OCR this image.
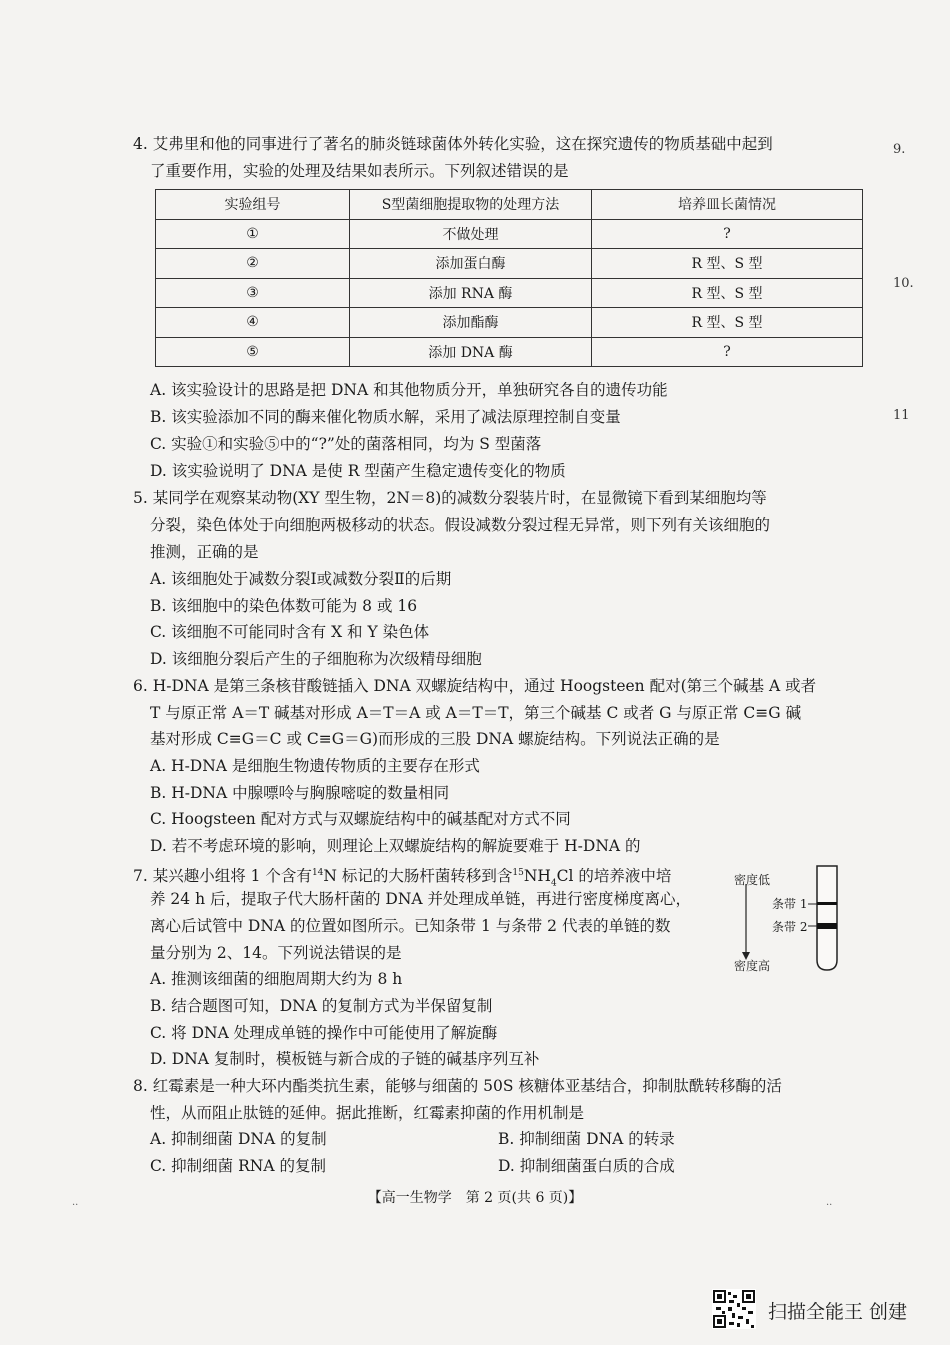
4. 艾弗里和他的同事进行了著名的肺炎链球菌体外转化实验，这在探究遗传的物质基础中起到
了重要作用，实验的处理及结果如表所示。下列叙述错误的是
实验组号	S型菌细胞提取物的处理方法	培养皿长菌情况
①	不做处理	?
②	添加蛋白酶	R 型、S 型
③	添加 RNA 酶	R 型、S 型
④	添加酯酶	R 型、S 型
⑤	添加 DNA 酶	?
A. 该实验设计的思路是把 DNA 和其他物质分开，单独研究各自的遗传功能
B. 该实验添加不同的酶来催化物质水解，采用了减法原理控制自变量
C. 实验①和实验⑤中的“?”处的菌落相同，均为 S 型菌落
D. 该实验说明了 DNA 是使 R 型菌产生稳定遗传变化的物质
5. 某同学在观察某动物(XY 型生物，2N＝8)的减数分裂装片时，在显微镜下看到某细胞均等
分裂，染色体处于向细胞两极移动的状态。假设减数分裂过程无异常，则下列有关该细胞的
推测，正确的是
A. 该细胞处于减数分裂Ⅰ或减数分裂Ⅱ的后期
B. 该细胞中的染色体数可能为 8 或 16
C. 该细胞不可能同时含有 X 和 Y 染色体
D. 该细胞分裂后产生的子细胞称为次级精母细胞
6. H-DNA 是第三条核苷酸链插入 DNA 双螺旋结构中，通过 Hoogsteen 配对(第三个碱基 A 或者
T 与原正常 A＝T 碱基对形成 A＝T＝A 或 A＝T＝T，第三个碱基 C 或者 G 与原正常 C≡G 碱
基对形成 C≡G＝C 或 C≡G＝G)而形成的三股 DNA 螺旋结构。下列说法正确的是
A. H-DNA 是细胞生物遗传物质的主要存在形式
B. H-DNA 中腺嘌呤与胸腺嘧啶的数量相同
C. Hoogsteen 配对方式与双螺旋结构中的碱基配对方式不同
D. 若不考虑环境的影响，则理论上双螺旋结构的解旋要难于 H-DNA 的
7. 某兴趣小组将 1 个含有$^{14}$N 标记的大肠杆菌转移到含$^{15}NH_4Cl$ 的培养液中培
养 24 h 后，提取子代大肠杆菌的 DNA 并处理成单链，再进行密度梯度离心，
离心后试管中 DNA 的位置如图所示。已知条带 1 与条带 2 代表的单链的数
量分别为 2、14。下列说法错误的是
A. 推测该细菌的细胞周期大约为 8 h
B. 结合题图可知，DNA 的复制方式为半保留复制
C. 将 DNA 处理成单链的操作中可能使用了解旋酶
D. DNA 复制时，模板链与新合成的子链的碱基序列互补
密度低
密度高
条带 1
条带 2
8. 红霉素是一种大环内酯类抗生素，能够与细菌的 50S 核糖体亚基结合，抑制肽酰转移酶的活
性，从而阻止肽链的延伸。据此推断，红霉素抑菌的作用机制是
A. 抑制细菌 DNA 的复制	B. 抑制细菌 DNA 的转录
C. 抑制细菌 RNA 的复制	D. 抑制细菌蛋白质的合成
9.
10.
11
··	··
【高一生物学　第 2 页(共 6 页)】
扫描全能王 创建
